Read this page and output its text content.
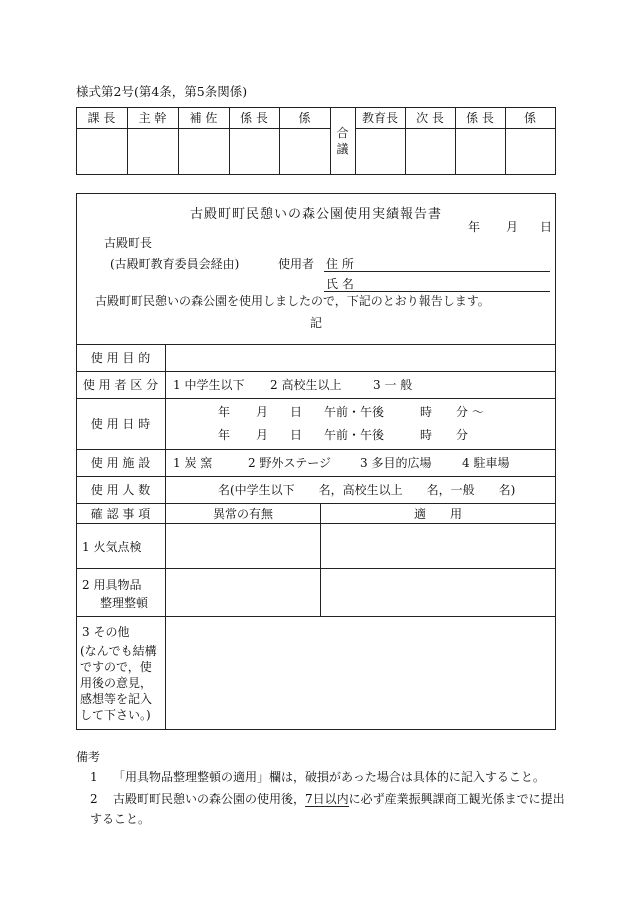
様式第2号(第4条，第5条関係)
課 長	主 幹	補 佐	係 長	係
合
議
教育長	次 長	係 長	係
古殿町町民憩いの森公園使用実績報告書
年 月 日
古殿町長
(古殿町教育委員会経由)	使用者 住 所
氏 名
古殿町町民憩いの森公園を使用しましたので，下記のとおり報告します。
記
使 用 目 的
使 用 者 区 分	1 中学生以下 2 高校生以上	3 一 般
使 用 日 時
年 月 日 午前・午後	時 分 ～
年 月 日 午前・午後	時 分
使 用 施 設	1 炭 窯	2 野外ステージ 3 多目的広場	4 駐車場
使 用 人 数	名(中学生以下　　名，高校生以上　　名，一般　　名)
確 認 事 項	異常の有無	適　　用
1 火気点検
2 用具物品
整理整頓
3 その他
(なんでも結構ですので，使用後の意見，感想等を記入して下さい。)
備考
1 「用具物品整理整頓の適用」欄は，破損があった場合は具体的に記入すること。
2 古殿町町民憩いの森公園の使用後，7日以内に必ず産業振興課商工観光係までに提出
すること。
